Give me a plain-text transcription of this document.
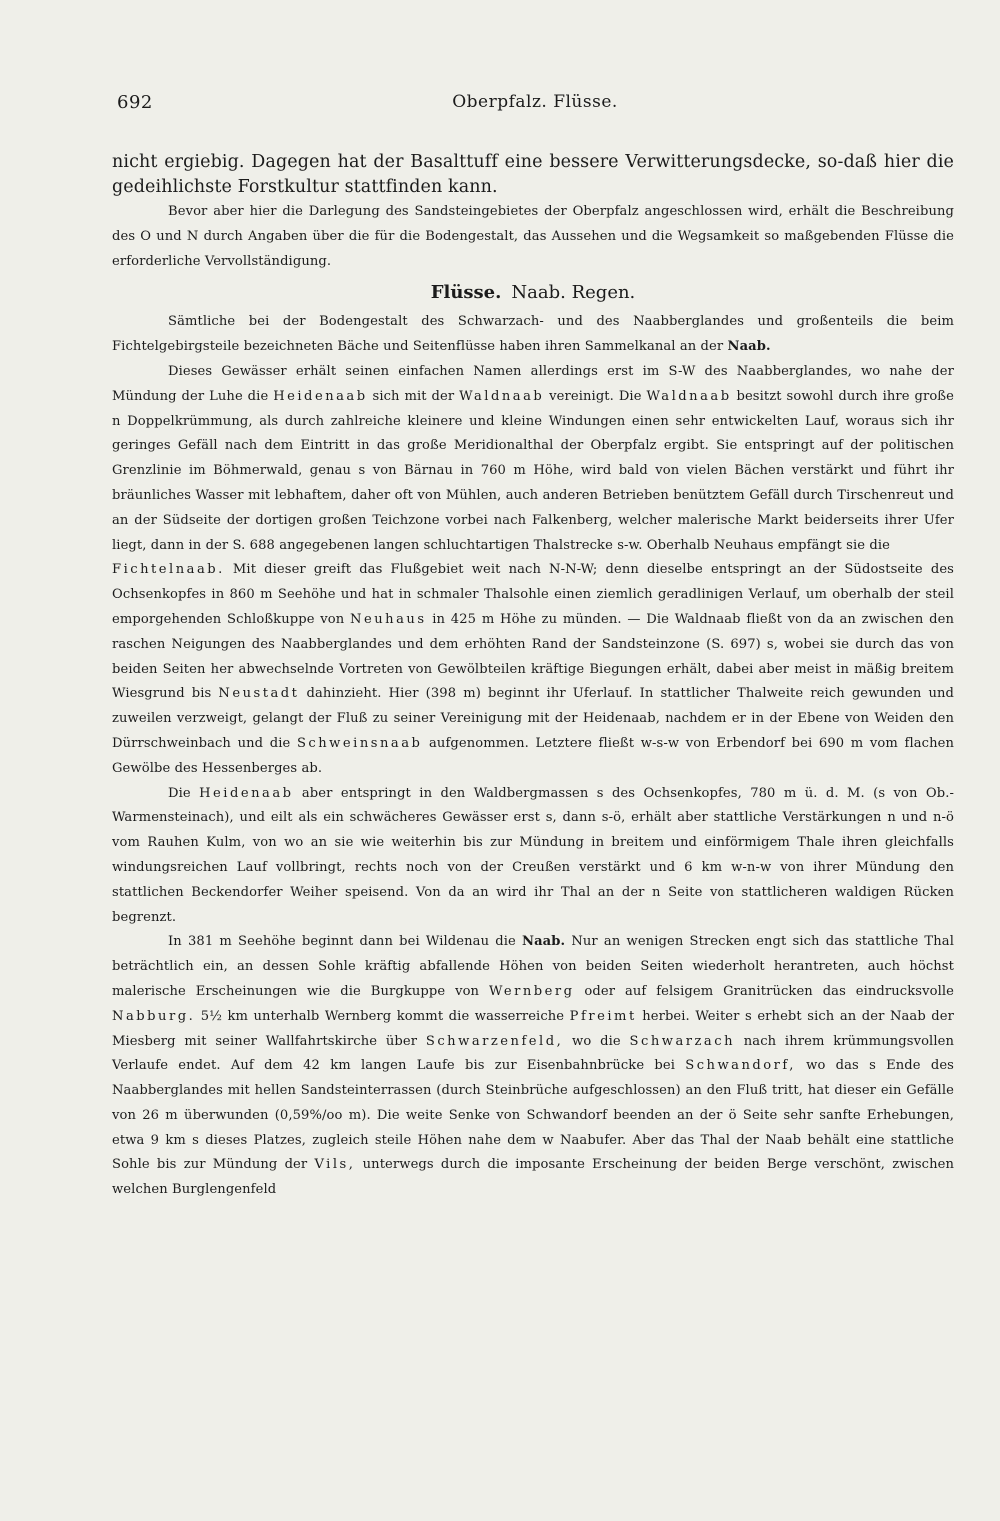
692	Oberpfalz. Flüsse.

nicht ergiebig. Dagegen hat der Basalttuff eine bessere Verwitterungsdecke, so-daß hier die gedeihlichste Forstkultur stattfinden kann.

Bevor aber hier die Darlegung des Sandsteingebietes der Oberpfalz angeschlossen wird, erhält die Beschreibung des O und N durch Angaben über die für die Bodengestalt, das Aussehen und die Wegsamkeit so maßgebenden Flüsse die erforderliche Vervollständigung.

Flüsse. Naab. Regen.

Sämtliche bei der Bodengestalt des Schwarzach- und des Naabberglandes und großenteils die beim Fichtelgebirgsteile bezeichneten Bäche und Seitenflüsse haben ihren Sammelkanal an der Naab.

Dieses Gewässer erhält seinen einfachen Namen allerdings erst im S-W des Naabberglandes, wo nahe der Mündung der Luhe die Heidenaab sich mit der Waldnaab vereinigt. Die Waldnaab besitzt sowohl durch ihre große n Doppelkrümmung, als durch zahlreiche kleinere und kleine Windungen einen sehr entwickelten Lauf, woraus sich ihr geringes Gefäll nach dem Eintritt in das große Meridionalthal der Oberpfalz ergibt. Sie entspringt auf der politischen Grenzlinie im Böhmerwald, genau s von Bärnau in 760 m Höhe, wird bald von vielen Bächen verstärkt und führt ihr bräunliches Wasser mit lebhaftem, daher oft von Mühlen, auch anderen Betrieben benütztem Gefäll durch Tirschenreut und an der Südseite der dortigen großen Teichzone vorbei nach Falkenberg, welcher malerische Markt beiderseits ihrer Ufer liegt, dann in der S. 688 angegebenen langen schluchtartigen Thalstrecke s-w. Oberhalb Neuhaus empfängt sie die

Fichtelnaab. Mit dieser greift das Flußgebiet weit nach N-N-W; denn dieselbe entspringt an der Südostseite des Ochsenkopfes in 860 m Seehöhe und hat in schmaler Thalsohle einen ziemlich geradlinigen Verlauf, um oberhalb der steil emporgehenden Schloßkuppe von Neuhaus in 425 m Höhe zu münden. — Die Waldnaab fließt von da an zwischen den raschen Neigungen des Naabberglandes und dem erhöhten Rand der Sandsteinzone (S. 697) s, wobei sie durch das von beiden Seiten her abwechselnde Vortreten von Gewölbteilen kräftige Biegungen erhält, dabei aber meist in mäßig breitem Wiesgrund bis Neustadt dahinzieht. Hier (398 m) beginnt ihr Uferlauf. In stattlicher Thalweite reich gewunden und zuweilen verzweigt, gelangt der Fluß zu seiner Vereinigung mit der Heidenaab, nachdem er in der Ebene von Weiden den Dürrschweinbach und die Schweinsnaab aufgenommen. Letztere fließt w-s-w von Erbendorf bei 690 m vom flachen Gewölbe des Hessenberges ab.

Die Heidenaab aber entspringt in den Waldbergmassen s des Ochsenkopfes, 780 m ü. d. M. (s von Ob.-Warmensteinach), und eilt als ein schwächeres Gewässer erst s, dann s-ö, erhält aber stattliche Verstärkungen n und n-ö vom Rauhen Kulm, von wo an sie wie weiterhin bis zur Mündung in breitem und einförmigem Thale ihren gleichfalls windungsreichen Lauf vollbringt, rechts noch von der Creußen verstärkt und 6 km w-n-w von ihrer Mündung den stattlichen Beckendorfer Weiher speisend. Von da an wird ihr Thal an der n Seite von stattlicheren waldigen Rücken begrenzt.

In 381 m Seehöhe beginnt dann bei Wildenau die Naab. Nur an wenigen Strecken engt sich das stattliche Thal beträchtlich ein, an dessen Sohle kräftig abfallende Höhen von beiden Seiten wiederholt herantreten, auch höchst malerische Erscheinungen wie die Burgkuppe von Wernberg oder auf felsigem Granitrücken das eindrucksvolle Nabburg. 5½ km unterhalb Wernberg kommt die wasserreiche Pfreimt herbei. Weiter s erhebt sich an der Naab der Miesberg mit seiner Wallfahrtskirche über Schwarzenfeld, wo die Schwarzach nach ihrem krümmungsvollen Verlaufe endet. Auf dem 42 km langen Laufe bis zur Eisenbahnbrücke bei Schwandorf, wo das s Ende des Naabberglandes mit hellen Sandsteinterrassen (durch Steinbrüche aufgeschlossen) an den Fluß tritt, hat dieser ein Gefälle von 26 m überwunden (0,59%/oo m). Die weite Senke von Schwandorf beenden an der ö Seite sehr sanfte Erhebungen, etwa 9 km s dieses Platzes, zugleich steile Höhen nahe dem w Naabufer. Aber das Thal der Naab behält eine stattliche Sohle bis zur Mündung der Vils, unterwegs durch die imposante Erscheinung der beiden Berge verschönt, zwischen welchen Burglengenfeld
